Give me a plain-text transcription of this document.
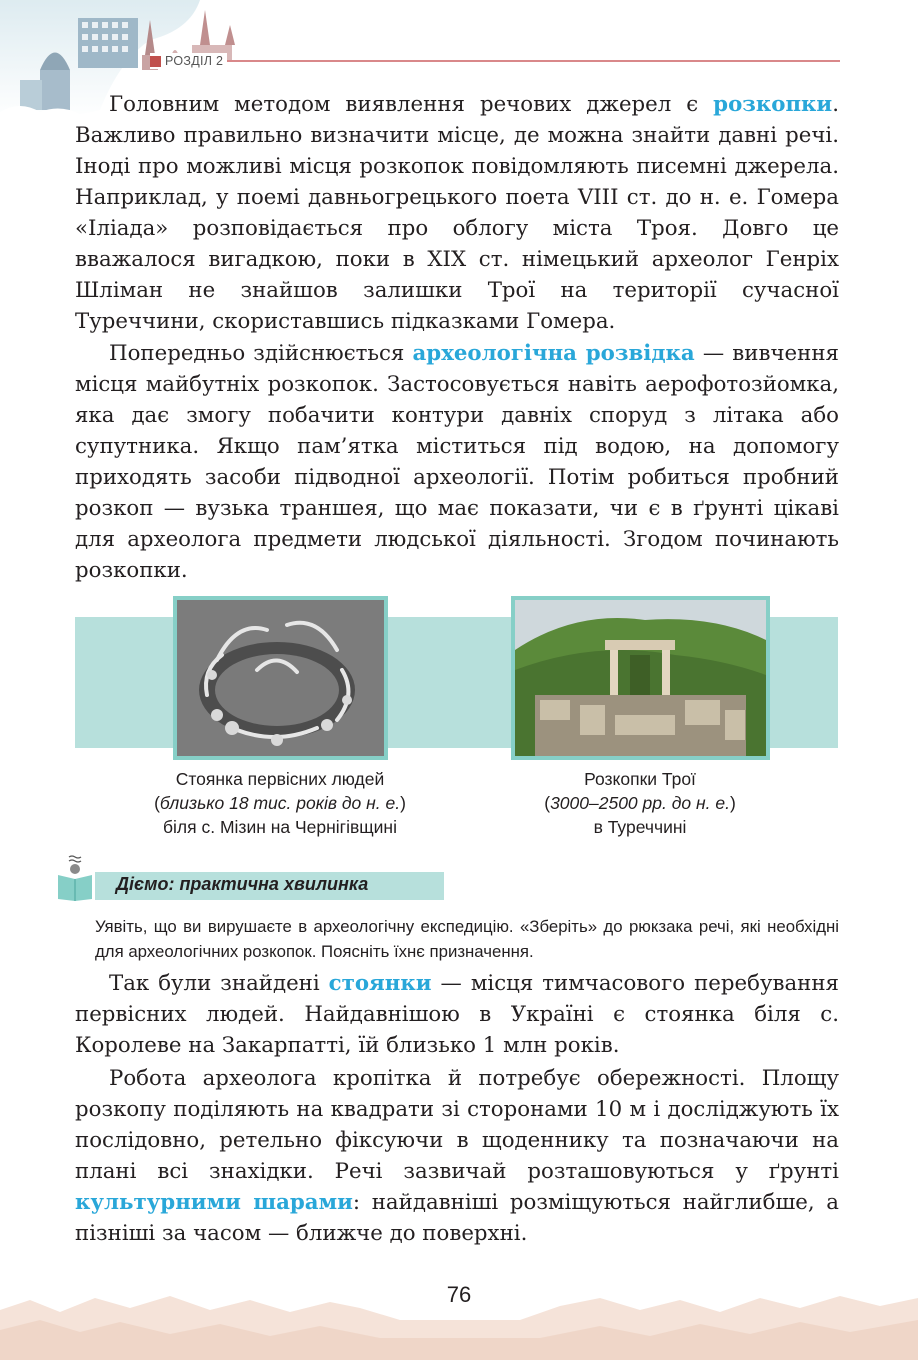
РОЗДІЛ 2

Головним методом виявлення речових джерел є розкопки. Важливо правильно визначити місце, де можна знайти давні речі. Іноді про можливі місця розкопок повідомляють писемні джерела. Наприклад, у поемі давньогрецького поета VIII ст. до н. е. Гомера «Іліада» розповідається про облогу міста Троя. Довго це вважалося вигадкою, поки в XIX ст. німецький археолог Генріх Шліман не знайшов залишки Трої на території сучасної Туреччини, скориставшись підказками Гомера.

Попередньо здійснюється археологічна розвідка — вивчення місця майбутніх розкопок. Застосовується навіть аерофотозйомка, яка дає змогу побачити контури давніх споруд з літака або супутника. Якщо пам’ятка міститься під водою, на допомогу приходять засоби підводної археології. Потім робиться пробний розкоп — вузька траншея, що має показати, чи є в ґрунті цікаві для археолога предмети людської діяльності. Згодом починають розкопки.

Стоянка первісних людей
(близько 18 тис. років до н. е.)
біля с. Мізин на Чернігівщині
Розкопки Трої
(3000–2500 рр. до н. е.)
в Туреччині
Діємо: практична хвилинка

Уявіть, що ви вирушаєте в археологічну експедицію. «Зберіть» до рюкзака речі, які необхідні для археологічних розкопок. Поясніть їхнє призначення.

Так були знайдені стоянки — місця тимчасового перебування первісних людей. Найдавнішою в Україні є стоянка біля с. Королеве на Закарпатті, їй близько 1 млн років.

Робота археолога кропітка й потребує обережності. Площу розкопу поділяють на квадрати зі сторонами 10 м і досліджують їх послідовно, ретельно фіксуючи в щоденнику та позначаючи на плані всі знахідки. Речі зазвичай розташовуються у ґрунті культурними шарами: найдавніші розміщуються найглибше, а пізніші за часом — ближче до поверхні.

76
